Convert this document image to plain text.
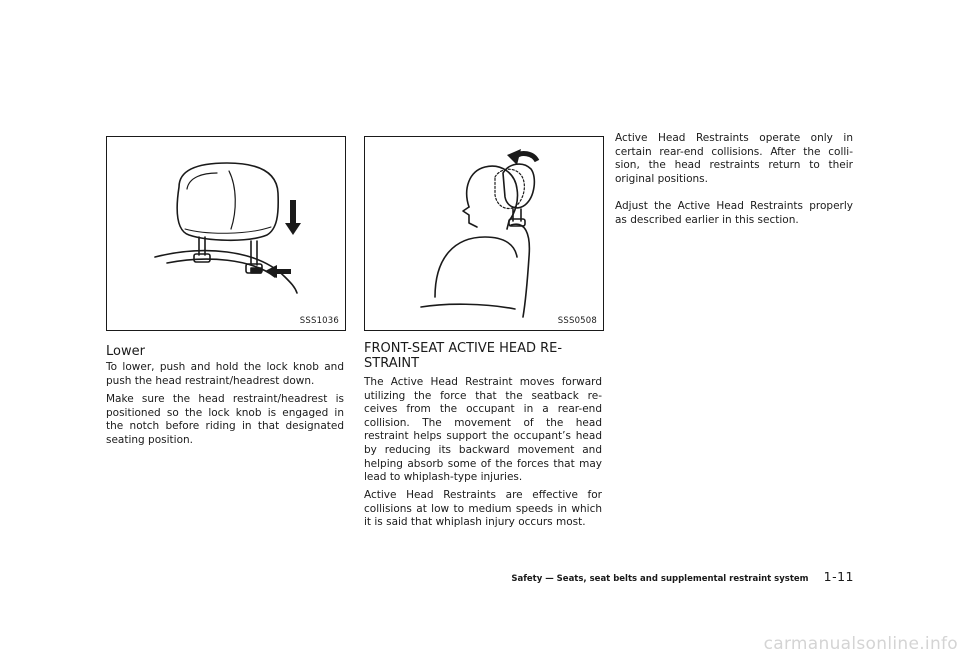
SSS1036	SSS0508
Lower

To lower, push and hold the lock knob and push the head restraint/headrest down.

Make sure the head restraint/headrest is positioned so the lock knob is engaged in the notch before riding in that designated seating position.

FRONT-SEAT ACTIVE HEAD RE-
STRAINT

The Active Head Restraint moves forward utilizing the force that the seatback re-ceives from the occupant in a rear-end collision. The movement of the head restraint helps support the occupant’s head by reducing its backward movement and helping absorb some of the forces that may lead to whiplash-type injuries.

Active Head Restraints are effective for collisions at low to medium speeds in which it is said that whiplash injury occurs most.

Active Head Restraints operate only in certain rear-end collisions. After the colli-sion, the head restraints return to their original positions.

Adjust the Active Head Restraints properly as described earlier in this section.

Safety — Seats, seat belts and supplemental restraint system 1-11
carmanualsonline.info
